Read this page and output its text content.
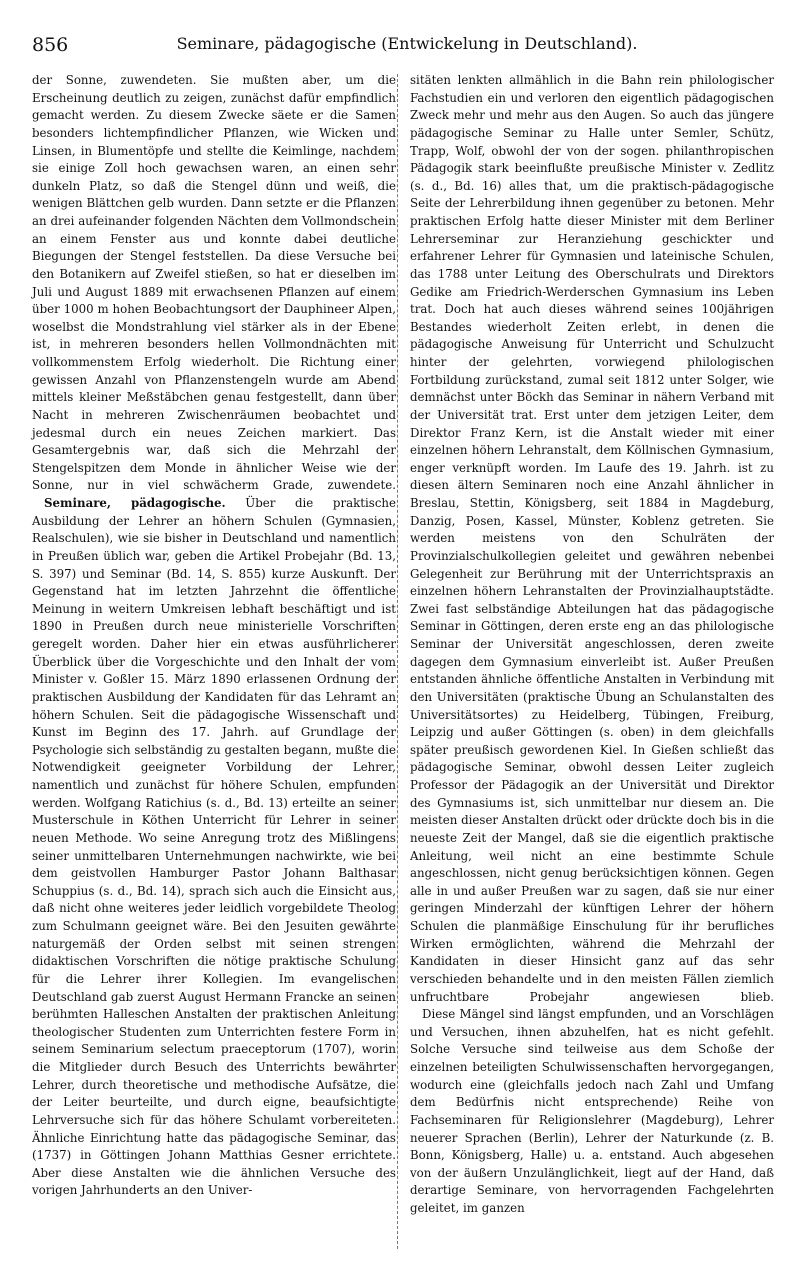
856	Seminare, pädagogische (Entwickelung in Deutschland).

der Sonne, zuwendeten. Sie mußten aber, um die Erscheinung deutlich zu zeigen, zunächst dafür empfindlich gemacht werden. Zu diesem Zwecke säete er die Samen besonders lichtempfindlicher Pflanzen, wie Wicken und Linsen, in Blumentöpfe und stellte die Keimlinge, nachdem sie einige Zoll hoch gewachsen waren, an einen sehr dunkeln Platz, so daß die Stengel dünn und weiß, die wenigen Blättchen gelb wurden. Dann setzte er die Pflanzen an drei aufeinander folgenden Nächten dem Vollmondschein an einem Fenster aus und konnte dabei deutliche Biegungen der Stengel feststellen. Da diese Versuche bei den Botanikern auf Zweifel stießen, so hat er dieselben im Juli und August 1889 mit erwachsenen Pflanzen auf einem über 1000 m hohen Beobachtungsort der Dauphineer Alpen, woselbst die Mondstrahlung viel stärker als in der Ebene ist, in mehreren besonders hellen Vollmondnächten mit vollkommenstem Erfolg wiederholt. Die Richtung einer gewissen Anzahl von Pflanzenstengeln wurde am Abend mittels kleiner Meßstäbchen genau festgestellt, dann über Nacht in mehreren Zwischenräumen beobachtet und jedesmal durch ein neues Zeichen markiert. Das Gesamtergebnis war, daß sich die Mehrzahl der Stengelspitzen dem Monde in ähnlicher Weise wie der Sonne, nur in viel schwächerm Grade, zuwendete.

Seminare, pädagogische. Über die praktische Ausbildung der Lehrer an höhern Schulen (Gymnasien, Realschulen), wie sie bisher in Deutschland und namentlich in Preußen üblich war, geben die Artikel Probejahr (Bd. 13, S. 397) und Seminar (Bd. 14, S. 855) kurze Auskunft. Der Gegenstand hat im letzten Jahrzehnt die öffentliche Meinung in weitern Umkreisen lebhaft beschäftigt und ist 1890 in Preußen durch neue ministerielle Vorschriften geregelt worden. Daher hier ein etwas ausführlicherer Überblick über die Vorgeschichte und den Inhalt der vom Minister v. Goßler 15. März 1890 erlassenen Ordnung der praktischen Ausbildung der Kandidaten für das Lehramt an höhern Schulen. Seit die pädagogische Wissenschaft und Kunst im Beginn des 17. Jahrh. auf Grundlage der Psychologie sich selbständig zu gestalten begann, mußte die Notwendigkeit geeigneter Vorbildung der Lehrer, namentlich und zunächst für höhere Schulen, empfunden werden. Wolfgang Ratichius (s. d., Bd. 13) erteilte an seiner Musterschule in Köthen Unterricht für Lehrer in seiner neuen Methode. Wo seine Anregung trotz des Mißlingens seiner unmittelbaren Unternehmungen nachwirkte, wie bei dem geistvollen Hamburger Pastor Johann Balthasar Schuppius (s. d., Bd. 14), sprach sich auch die Einsicht aus, daß nicht ohne weiteres jeder leidlich vorgebildete Theolog zum Schulmann geeignet wäre. Bei den Jesuiten gewährte naturgemäß der Orden selbst mit seinen strengen didaktischen Vorschriften die nötige praktische Schulung für die Lehrer ihrer Kollegien. Im evangelischen Deutschland gab zuerst August Hermann Francke an seinen berühmten Halleschen Anstalten der praktischen Anleitung theologischer Studenten zum Unterrichten festere Form in seinem Seminarium selectum praeceptorum (1707), worin die Mitglieder durch Besuch des Unterrichts bewährter Lehrer, durch theoretische und methodische Aufsätze, die der Leiter beurteilte, und durch eigne, beaufsichtigte Lehrversuche sich für das höhere Schulamt vorbereiteten. Ähnliche Einrichtung hatte das pädagogische Seminar, das (1737) in Göttingen Johann Matthias Gesner errichtete. Aber diese Anstalten wie die ähnlichen Versuche des vorigen Jahrhunderts an den Univer-

sitäten lenkten allmählich in die Bahn rein philologischer Fachstudien ein und verloren den eigentlich pädagogischen Zweck mehr und mehr aus den Augen. So auch das jüngere pädagogische Seminar zu Halle unter Semler, Schütz, Trapp, Wolf, obwohl der von der sogen. philanthropischen Pädagogik stark beeinflußte preußische Minister v. Zedlitz (s. d., Bd. 16) alles that, um die praktisch-pädagogische Seite der Lehrerbildung ihnen gegenüber zu betonen. Mehr praktischen Erfolg hatte dieser Minister mit dem Berliner Lehrerseminar zur Heranziehung geschickter und erfahrener Lehrer für Gymnasien und lateinische Schulen, das 1788 unter Leitung des Oberschulrats und Direktors Gedike am Friedrich-Werderschen Gymnasium ins Leben trat. Doch hat auch dieses während seines 100jährigen Bestandes wiederholt Zeiten erlebt, in denen die pädagogische Anweisung für Unterricht und Schulzucht hinter der gelehrten, vorwiegend philologischen Fortbildung zurückstand, zumal seit 1812 unter Solger, wie demnächst unter Böckh das Seminar in nähern Verband mit der Universität trat. Erst unter dem jetzigen Leiter, dem Direktor Franz Kern, ist die Anstalt wieder mit einer einzelnen höhern Lehranstalt, dem Köllnischen Gymnasium, enger verknüpft worden. Im Laufe des 19. Jahrh. ist zu diesen ältern Seminaren noch eine Anzahl ähnlicher in Breslau, Stettin, Königsberg, seit 1884 in Magdeburg, Danzig, Posen, Kassel, Münster, Koblenz getreten. Sie werden meistens von den Schulräten der Provinzialschulkollegien geleitet und gewähren nebenbei Gelegenheit zur Berührung mit der Unterrichtspraxis an einzelnen höhern Lehranstalten der Provinzialhauptstädte. Zwei fast selbständige Abteilungen hat das pädagogische Seminar in Göttingen, deren erste eng an das philologische Seminar der Universität angeschlossen, deren zweite dagegen dem Gymnasium einverleibt ist. Außer Preußen entstanden ähnliche öffentliche Anstalten in Verbindung mit den Universitäten (praktische Übung an Schulanstalten des Universitätsortes) zu Heidelberg, Tübingen, Freiburg, Leipzig und außer Göttingen (s. oben) in dem gleichfalls später preußisch gewordenen Kiel. In Gießen schließt das pädagogische Seminar, obwohl dessen Leiter zugleich Professor der Pädagogik an der Universität und Direktor des Gymnasiums ist, sich unmittelbar nur diesem an. Die meisten dieser Anstalten drückt oder drückte doch bis in die neueste Zeit der Mangel, daß sie die eigentlich praktische Anleitung, weil nicht an eine bestimmte Schule angeschlossen, nicht genug berücksichtigen können. Gegen alle in und außer Preußen war zu sagen, daß sie nur einer geringen Minderzahl der künftigen Lehrer der höhern Schulen die planmäßige Einschulung für ihr berufliches Wirken ermöglichten, während die Mehrzahl der Kandidaten in dieser Hinsicht ganz auf das sehr verschieden behandelte und in den meisten Fällen ziemlich unfruchtbare Probejahr angewiesen blieb.

Diese Mängel sind längst empfunden, und an Vorschlägen und Versuchen, ihnen abzuhelfen, hat es nicht gefehlt. Solche Versuche sind teilweise aus dem Schoße der einzelnen beteiligten Schulwissenschaften hervorgegangen, wodurch eine (gleichfalls jedoch nach Zahl und Umfang dem Bedürfnis nicht entsprechende) Reihe von Fachseminaren für Religionslehrer (Magdeburg), Lehrer neuerer Sprachen (Berlin), Lehrer der Naturkunde (z. B. Bonn, Königsberg, Halle) u. a. entstand. Auch abgesehen von der äußern Unzulänglichkeit, liegt auf der Hand, daß derartige Seminare, von hervorragenden Fachgelehrten geleitet, im ganzen
